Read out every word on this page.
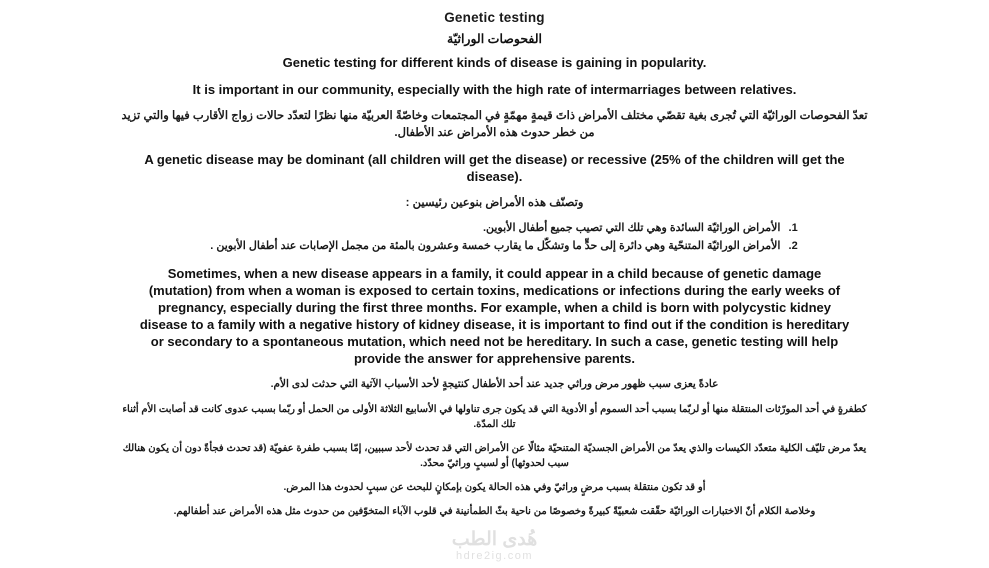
Genetic testing
الفحوصات الوراثيّة
Genetic testing for different kinds of disease is gaining in popularity.
It is important in our community, especially with the high rate of intermarriages between relatives.
تعدّ الفحوصات الوراثيّة التي تُجرى بغية تقصّي مختلف الأمراض ذاتَ قيمةٍ مهمّةٍ في المجتمعات وخاصّةً العربيّة منها نظرًا لتعدّد حالات زواج الأقارب فيها والتي تزيد من خطر حدوث هذه الأمراض عند الأطفال.
A genetic disease may be dominant (all children will get the disease) or recessive (25% of the children will get the disease).
وتصنّف هذه الأمراض بنوعين رئيسين :
1.
الأمراض الوراثيّة السائدة وهي تلك التي تصيب جميع أطفال الأبوين.
2.
الأمراض الوراثيّة المتنحّية وهي دائرة إلى حدٍّ ما وتشكّل ما يقارب خمسة وعشرون بالمئة من مجمل الإصابات عند أطفال الأبوين .
Sometimes, when a new disease appears in a family, it could appear in a child because of genetic damage (mutation) from when a woman is exposed to certain toxins, medications or infections during the early weeks of pregnancy, especially during the first three months. For example, when a child is born with polycystic kidney disease to a family with a negative history of kidney disease, it is important to find out if the condition is hereditary or secondary to a spontaneous mutation, which need not be hereditary. In such a case, genetic testing will help provide the answer for apprehensive parents.
عادةً يعزى سبب ظهور مرض وراثي جديد عند أحد الأطفال كنتيجةٍ لأحد الأسباب الآتية التي حدثت لدى الأم.
كطفرةٍ في أحد المورّثات المنتقلة منها أو لربّما بسبب أحد السموم أو الأدوية التي قد يكون جرى تناولها في الأسابيع الثلاثة الأولى من الحمل أو ربّما بسبب عدوى كانت قد أصابت الأم أثناء تلك المدّة.
يعدّ مرض تليّف الكلية متعدّد الكيسات والذي يعدّ من الأمراض الجسديّة المتنحيّة مثالًا عن الأمراض التي قد تحدث لأحد سببين، إمّا بسبب طفرة عفويّة (قد تحدث فجأةً دون أن يكون هنالك سبب لحدوثها) أو لسببٍ وراثيّ محدّد.
أو قد تكون منتقلة بسبب مرضٍ وراثيّ وفي هذه الحالة يكون بإمكانٍ للبحث عن سببٍ لحدوث هذا المرض.
وخلاصة الكلام أنّ الاختبارات الوراثيّة حقّقت شعبيّةً كبيرةً وخصوصًا من ناحية بثّ الطمأنينة في قلوب الآباء المتخوّفين من حدوث مثل هذه الأمراض عند أطفالهم.
هُدى الطب
hdre2ig.com
